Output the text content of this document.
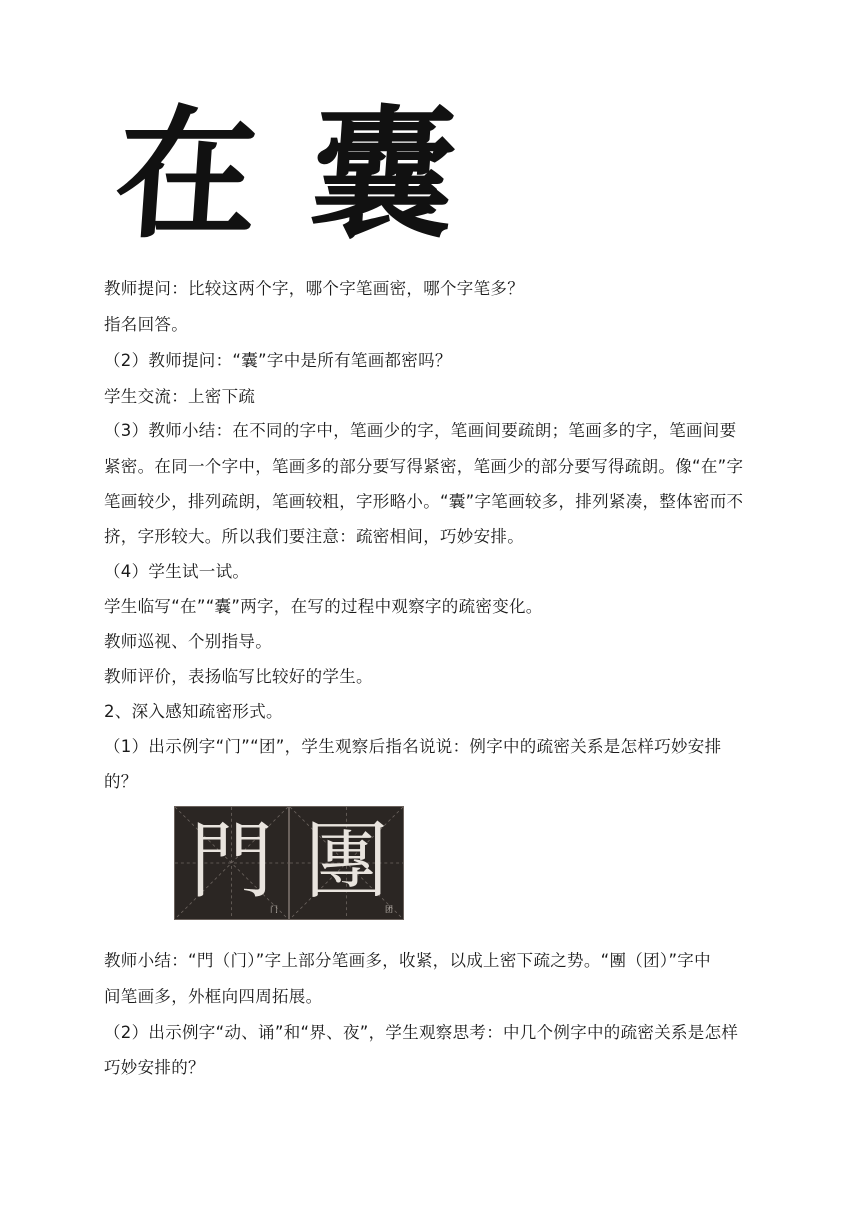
在 囊
教师提问：比较这两个字，哪个字笔画密，哪个字笔多？
指名回答。
（2）教师提问：“囊”字中是所有笔画都密吗？
学生交流：上密下疏
（3）教师小结：在不同的字中，笔画少的字，笔画间要疏朗；笔画多的字，笔画间要
紧密。在同一个字中，笔画多的部分要写得紧密，笔画少的部分要写得疏朗。像“在”字
笔画较少，排列疏朗，笔画较粗，字形略小。“囊”字笔画较多，排列紧凑，整体密而不
挤，字形较大。所以我们要注意：疏密相间，巧妙安排。
（4）学生试一试。
学生临写“在”“囊”两字，在写的过程中观察字的疏密变化。
教师巡视、个别指导。
教师评价，表扬临写比较好的学生。
2、深入感知疏密形式。
（1）出示例字“门”“团”，学生观察后指名说说：例字中的疏密关系是怎样巧妙安排
的？
門
门 團
团
教师小结：“門（门）”字上部分笔画多，收紧，以成上密下疏之势。“團（团）”字中
间笔画多，外框向四周拓展。
（2）出示例字“动、诵”和“界、夜”，学生观察思考：中几个例字中的疏密关系是怎样
巧妙安排的？
